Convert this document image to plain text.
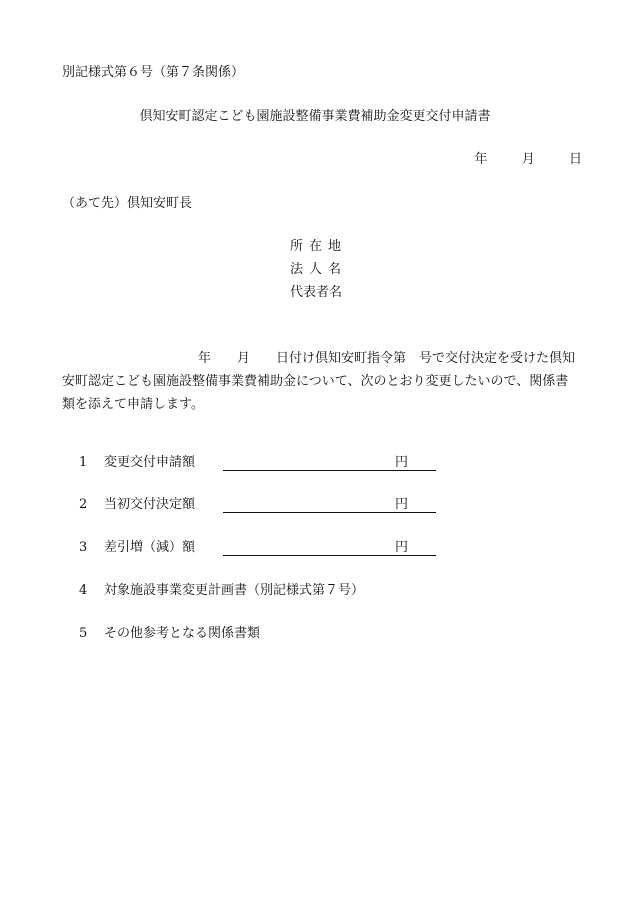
別記様式第６号（第７条関係）
倶知安町認定こども園施設整備事業費補助金変更交付申請書
年	月	日
（あて先）倶知安町長
所在地
法人名
代表者名
年 月 日付け倶知安町指令第 号で交付決定を受けた倶知
安町認定こども園施設整備事業費補助金について、次のとおり変更したいので、関係書
類を添えて申請します。
1 変更交付申請額	円
2 当初交付決定額	円
3 差引増（減）額	円
4 対象施設事業変更計画書（別記様式第７号）
5 その他参考となる関係書類
